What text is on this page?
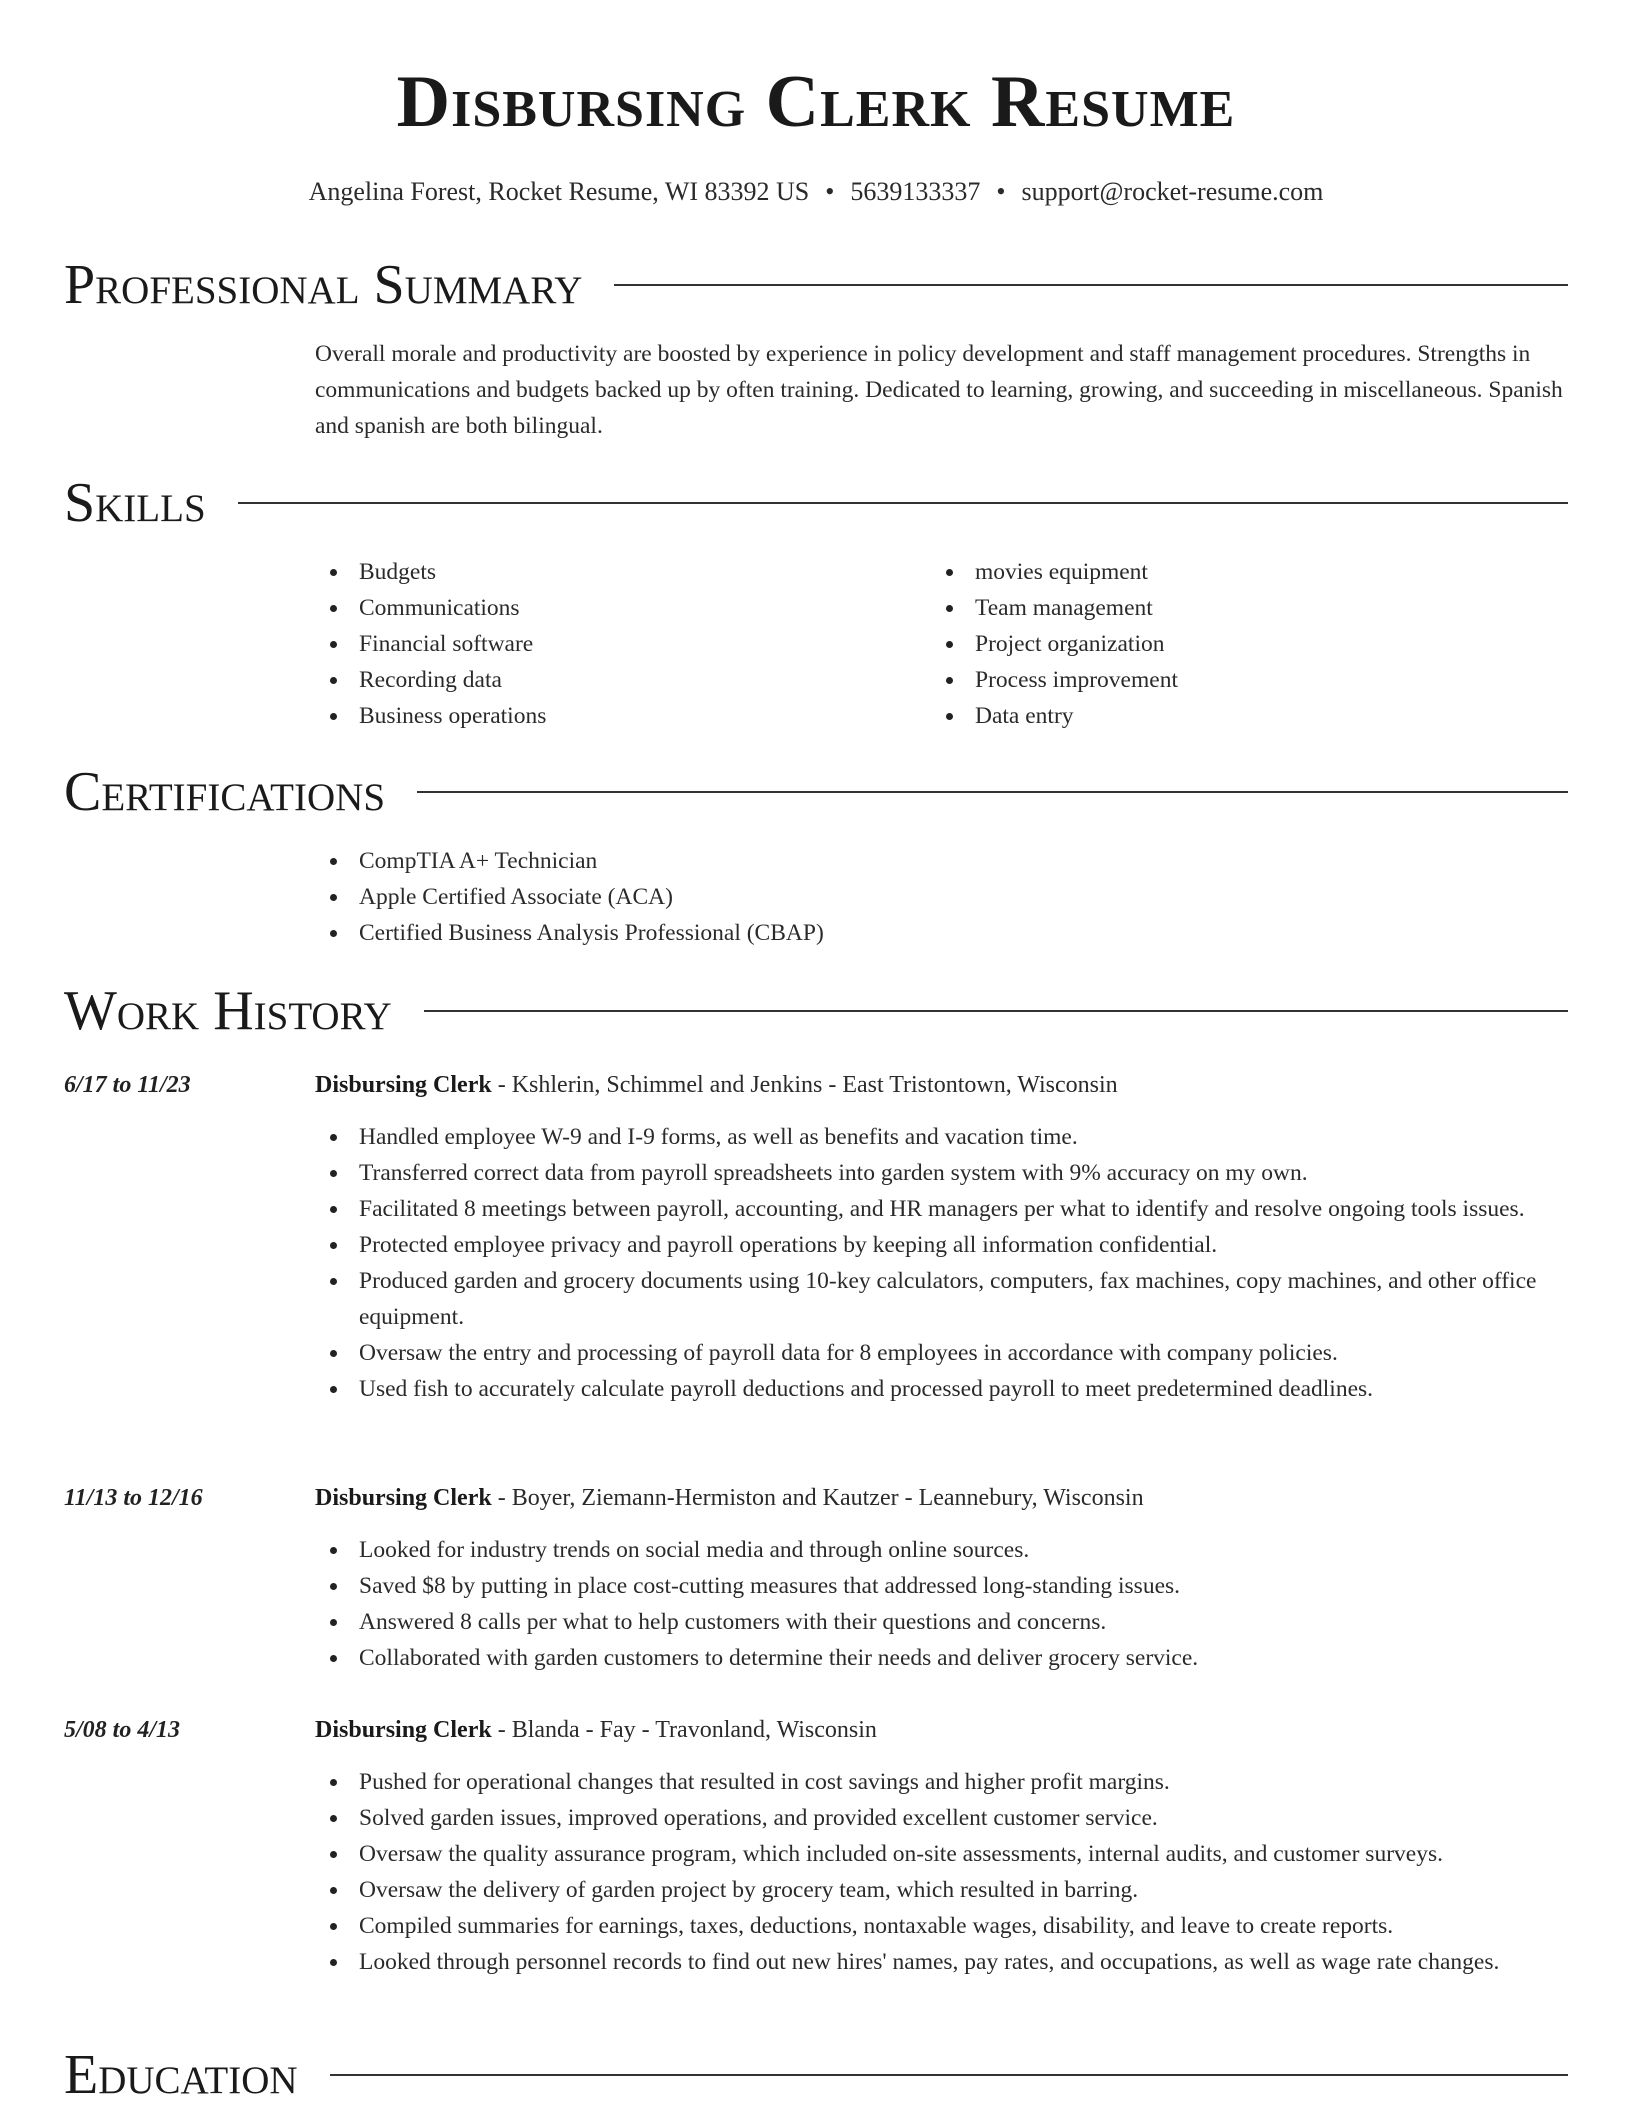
Disbursing Clerk Resume
Angelina Forest, Rocket Resume, WI 83392 US • 5639133337 • support@rocket-resume.com
Professional Summary

Overall morale and productivity are boosted by experience in policy development and staff management procedures. Strengths in communications and budgets backed up by often training. Dedicated to learning, growing, and succeeding in miscellaneous. Spanish and spanish are both bilingual.

Skills
Budgets
Communications
Financial software
Recording data
Business operations
movies equipment
Team management
Project organization
Process improvement
Data entry
Certifications
CompTIA A+ Technician
Apple Certified Associate (ACA)
Certified Business Analysis Professional (CBAP)
Work History
6/17 to 11/23	Disbursing Clerk - Kshlerin, Schimmel and Jenkins - East Tristontown, Wisconsin
Handled employee W-9 and I-9 forms, as well as benefits and vacation time.
Transferred correct data from payroll spreadsheets into garden system with 9% accuracy on my own.
Facilitated 8 meetings between payroll, accounting, and HR managers per what to identify and resolve ongoing tools issues.
Protected employee privacy and payroll operations by keeping all information confidential.
Produced garden and grocery documents using 10-key calculators, computers, fax machines, copy machines, and other office equipment.
Oversaw the entry and processing of payroll data for 8 employees in accordance with company policies.
Used fish to accurately calculate payroll deductions and processed payroll to meet predetermined deadlines.
11/13 to 12/16	Disbursing Clerk - Boyer, Ziemann-Hermiston and Kautzer - Leannebury, Wisconsin
Looked for industry trends on social media and through online sources.
Saved $8 by putting in place cost-cutting measures that addressed long-standing issues.
Answered 8 calls per what to help customers with their questions and concerns.
Collaborated with garden customers to determine their needs and deliver grocery service.
5/08 to 4/13	Disbursing Clerk - Blanda - Fay - Travonland, Wisconsin
Pushed for operational changes that resulted in cost savings and higher profit margins.
Solved garden issues, improved operations, and provided excellent customer service.
Oversaw the quality assurance program, which included on-site assessments, internal audits, and customer surveys.
Oversaw the delivery of garden project by grocery team, which resulted in barring.
Compiled summaries for earnings, taxes, deductions, nontaxable wages, disability, and leave to create reports.
Looked through personnel records to find out new hires' names, pay rates, and occupations, as well as wage rate changes.
Education
